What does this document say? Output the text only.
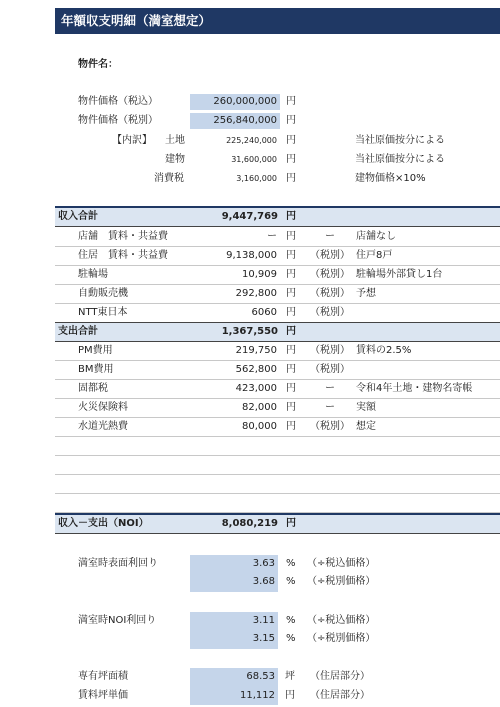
年額収支明細（満室想定）
物件名：
物件価格（税込）	260,000,000 円
物件価格（税別）	256,840,000 円
【内訳】 土地	225,240,000 円	当社原価按分による
建物	31,600,000 円	当社原価按分による
消費税	3,160,000 円	建物価格×10%
収入合計	9,447,769 円
店舗　賃料・共益費	ー 円	ー	店舗なし
住居　賃料・共益費	9,138,000 円 （税別） 住戸8戸
駐輪場	10,909 円 （税別） 駐輪場外部貸し1台
自動販売機	292,800 円 （税別） 予想
NTT東日本	6060 円 （税別）
支出合計	1,367,550 円
PM費用	219,750 円 （税別） 賃料の2.5%
BM費用	562,800 円 （税別）
固都税	423,000 円	ー	令和4年土地・建物名寄帳
火災保険料	82,000 円	ー	実額
水道光熱費	80,000 円 （税別） 想定
収入－支出（NOI）	8,080,219 円
満室時表面利回り	3.63 % （÷税込価格）
3.68 % （÷税別価格）
満室時NOI利回り	3.11 % （÷税込価格）
3.15 % （÷税別価格）
専有坪面積	68.53 坪 （住居部分）
賃料坪単価	11,112 円 （住居部分）
